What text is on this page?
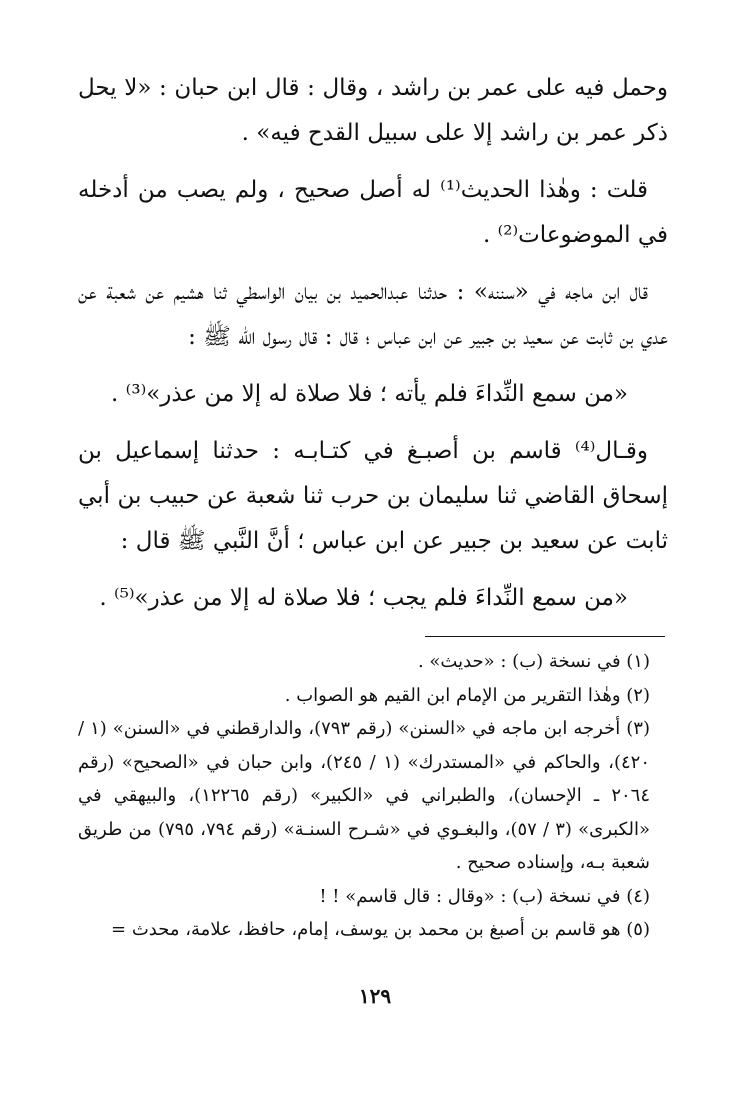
وحمل فيه على عمر بن راشد ، وقال : قال ابن حبان : «لا يحل ذكر عمر بن راشد إلا على سبيل القدح فيه» .

قلت : وهٰذا الحديث⁽¹⁾ له أصل صحيح ، ولم يصب من أدخله في الموضوعات⁽²⁾ .

قال ابن ماجه في «سننه» : حدثنا عبدالحميد بن بيان الواسطي ثنا هشيم عن شعبة عن عدي بن ثابت عن سعيد بن جبير عن ابن عباس ؛ قال : قال رسول الله ﷺ :

«من سمع النِّداءَ فلم يأته ؛ فلا صلاة له إلا من عذر»⁽³⁾ .

وقـال⁽⁴⁾ قاسم بن أصبـغ في كتـابـه : حدثنا إسماعيل بن إسحاق القاضي ثنا سليمان بن حرب ثنا شعبة عن حبيب بن أبي ثابت عن سعيد بن جبير عن ابن عباس ؛ أنَّ النَّبي ﷺ قال :

«من سمع النِّداءَ فلم يجب ؛ فلا صلاة له إلا من عذر»⁽⁵⁾ .

(١) في نسخة (ب) : «حديث» .

(٢) وهٰذا التقرير من الإمام ابن القيم هو الصواب .

(٣) أخرجه ابن ماجه في «السنن» (رقم ٧٩٣)، والدارقطني في «السنن» (١ / ٤٢٠)، والحاكم في «المستدرك» (١ / ٢٤٥)، وابن حبان في «الصحيح» (رقم ٢٠٦٤ ـ الإحسان)، والطبراني في «الكبير» (رقم ١٢٢٦٥)، والبيهقي في «الكبرى» (٣ / ٥٧)، والبغـوي في «شـرح السنـة» (رقم ٧٩٤، ٧٩٥) من طريق شعبة بـه، وإسناده صحيح .

(٤) في نسخة (ب) : «وقال : قال قاسم» ! !

(٥) هو قاسم بن أصبغ بن محمد بن يوسف، إمام، حافظ، علامة، محدث =

١٢٩
